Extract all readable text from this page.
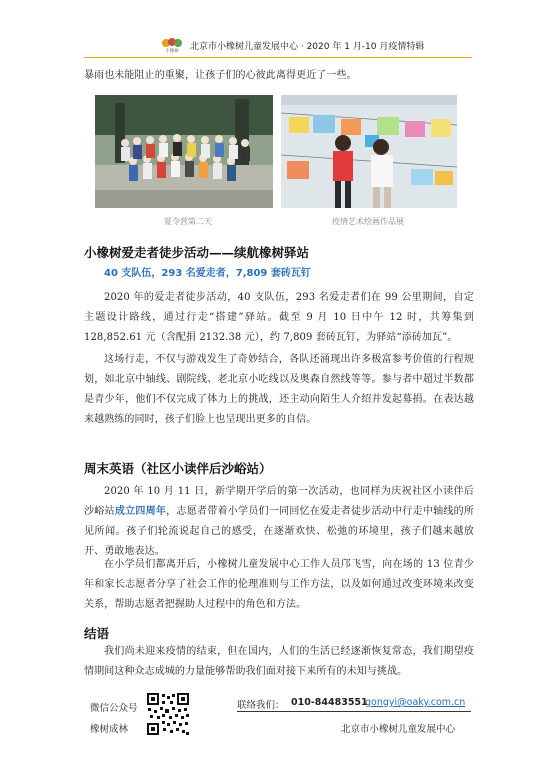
小橡树 北京市小橡树儿童发展中心 · 2020 年 1 月-10 月疫情特辑

暴雨也未能阻止的重聚，让孩子们的心彼此离得更近了一些。

夏令营第二天	疫情艺术绘画作品展
小橡树爱走者徒步活动——续航橡树驿站
40 支队伍，293 名爱走者，7,809 套砖瓦钉

2020 年的爱走者徒步活动，40 支队伍，293 名爱走者们在 99 公里期间，自定主题设计路线，通过行走“搭建”驿站。截至 9 月 10 日中午 12 时，共筹集到 128,852.61 元（含配捐 2132.38 元），约 7,809 套砖瓦钉，为驿站“添砖加瓦”。

这场行走，不仅与游戏发生了奇妙结合，各队还涌现出许多极富参考价值的行程规划，如北京中轴线、剧院线、老北京小吃线以及奥森自然线等等。参与者中超过半数都是青少年，他们不仅完成了体力上的挑战，还主动向陌生人介绍并发起募捐。在表达越来越熟练的同时，孩子们脸上也呈现出更多的自信。

周末英语（社区小读伴后沙峪站）

2020 年 10 月 11 日，新学期开学后的第一次活动，也同样为庆祝社区小读伴后沙峪站成立四周年，志愿者带着小学员们一同回忆在爱走者徒步活动中行走中轴线的所见所闻。孩子们轮流说起自己的感受，在逐渐欢快、松弛的环境里，孩子们越来越放开、勇敢地表达。

在小学员们都离开后，小橡树儿童发展中心工作人员邝飞雪，向在场的 13 位青少年和家长志愿者分享了社会工作的伦理准则与工作方法，以及如何通过改变环境来改变关系，帮助志愿者把握助人过程中的角色和方法。

结语

我们尚未迎来疫情的结束，但在国内，人们的生活已经逐渐恢复常态，我们期望疫情期间这种众志成城的力量能够帮助我们面对接下来所有的未知与挑战。

微信公众号
橡树成林
联络我们： 010-84483551
gongyi@oaky.com.cn
北京市小橡树儿童发展中心
